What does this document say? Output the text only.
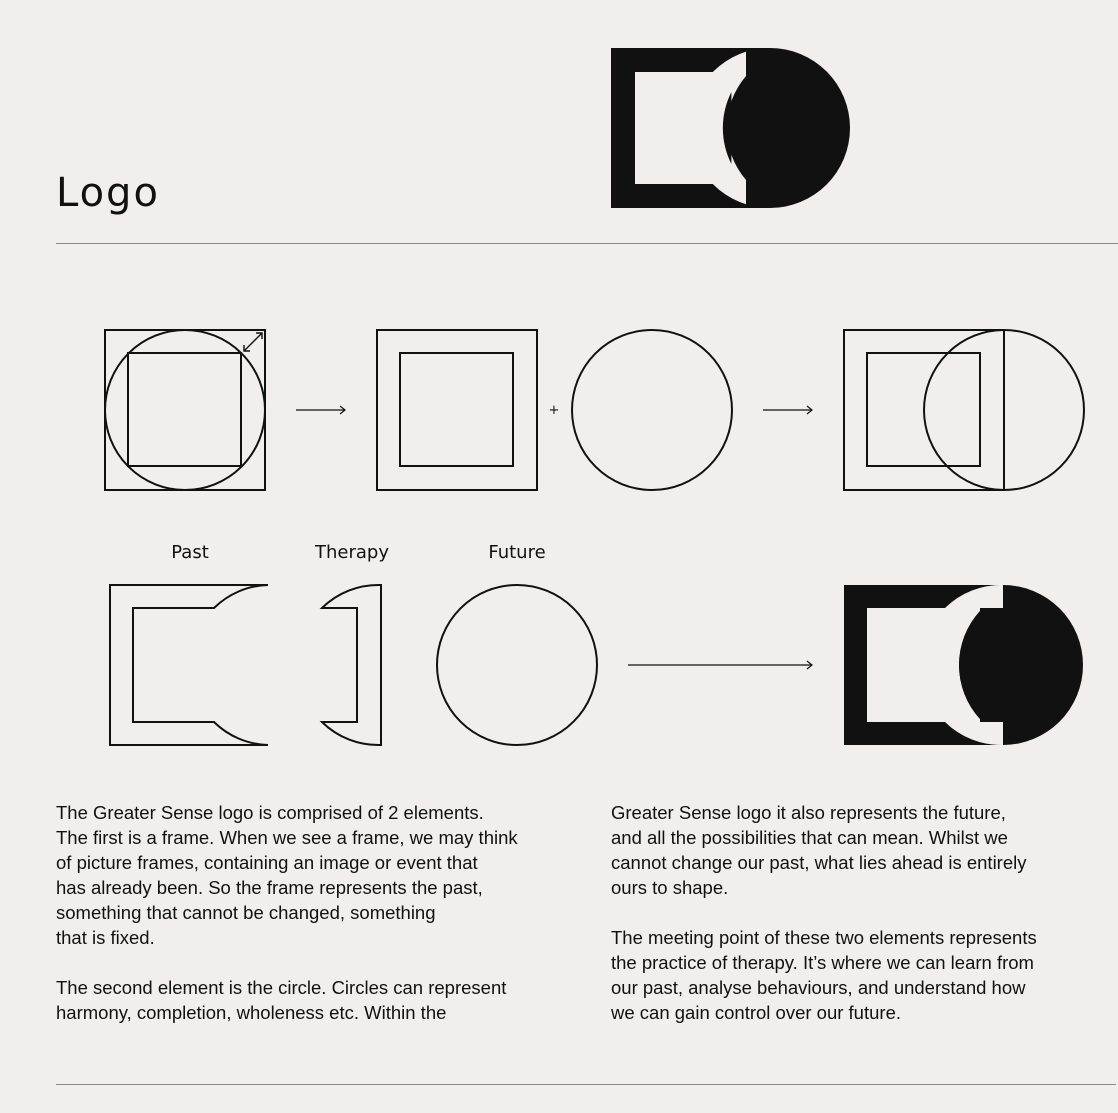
Logo
+
Past	Therapy	Future

The Greater Sense logo is comprised of 2 elements.
The first is a frame. When we see a frame, we may think
of picture frames, containing an image or event that
has already been. So the frame represents the past,
something that cannot be changed, something
that is fixed.

The second element is the circle. Circles can represent
harmony, completion, wholeness etc. Within the

Greater Sense logo it also represents the future,
and all the possibilities that can mean. Whilst we
cannot change our past, what lies ahead is entirely
ours to shape.

The meeting point of these two elements represents
the practice of therapy. It’s where we can learn from
our past, analyse behaviours, and understand how
we can gain control over our future.
